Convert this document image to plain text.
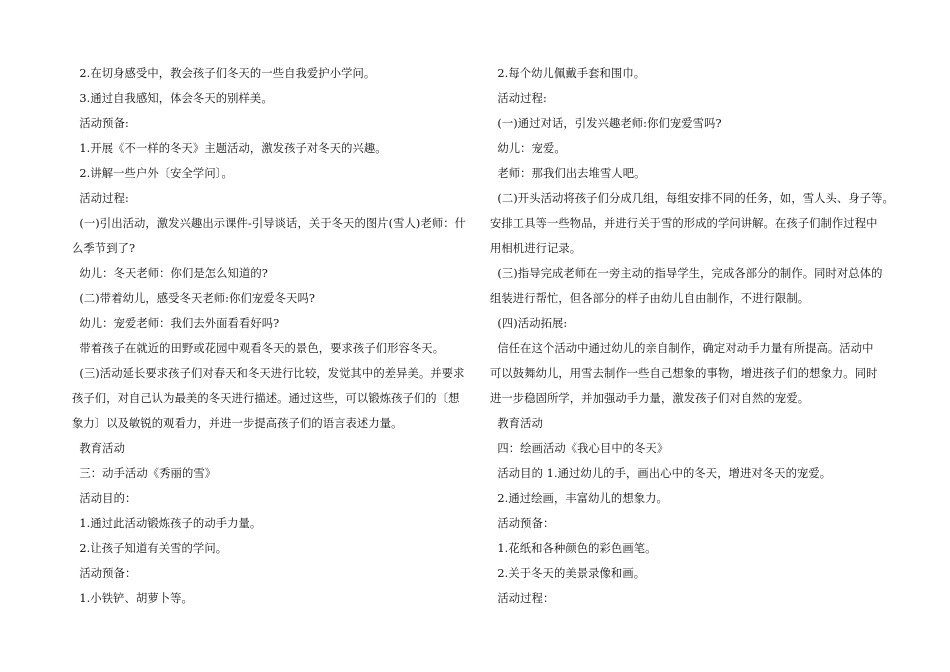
2.在切身感受中，教会孩子们冬天的一些自我爱护小学问。
3.通过自我感知，体会冬天的别样美。
活动预备:
1.开展《不一样的冬天》主题活动，激发孩子对冬天的兴趣。
2.讲解一些户外〔安全学问〕。
活动过程:
(一)引出活动，激发兴趣出示课件-引导谈话，关于冬天的图片(雪人)老师：什
么季节到了?
幼儿：冬天老师：你们是怎么知道的?
(二)带着幼儿，感受冬天老师:你们宠爱冬天吗?
幼儿：宠爱老师：我们去外面看看好吗?
带着孩子在就近的田野或花园中观看冬天的景色，要求孩子们形容冬天。
(三)活动延长要求孩子们对春天和冬天进行比较，发觉其中的差异美。并要求
孩子们，对自己认为最美的冬天进行描述。通过这些，可以锻炼孩子们的〔想
象力〕以及敏锐的观看力，并进一步提高孩子们的语言表述力量。
教育活动
三：动手活动《秀丽的雪》
活动目的：
1.通过此活动锻炼孩子的动手力量。
2.让孩子知道有关雪的学问。
活动预备：
1.小铁铲、胡萝卜等。
2.每个幼儿佩戴手套和围巾。
活动过程:
(一)通过对话，引发兴趣老师:你们宠爱雪吗?
幼儿：宠爱。
老师：那我们出去堆雪人吧。
(二)开头活动将孩子们分成几组，每组安排不同的任务，如，雪人头、身子等。
安排工具等一些物品，并进行关于雪的形成的学问讲解。在孩子们制作过程中
用相机进行记录。
(三)指导完成老师在一旁主动的指导学生，完成各部分的制作。同时对总体的
组装进行帮忙，但各部分的样子由幼儿自由制作，不进行限制。
(四)活动拓展:
信任在这个活动中通过幼儿的亲自制作，确定对动手力量有所提高。活动中
可以鼓舞幼儿，用雪去制作一些自己想象的事物，增进孩子们的想象力。同时
进一步稳固所学，并加强动手力量，激发孩子们对自然的宠爱。
教育活动
四：绘画活动《我心目中的冬天》
活动目的 1.通过幼儿的手，画出心中的冬天，增进对冬天的宠爱。
2.通过绘画，丰富幼儿的想象力。
活动预备：
1.花纸和各种颜色的彩色画笔。
2.关于冬天的美景录像和画。
活动过程：
